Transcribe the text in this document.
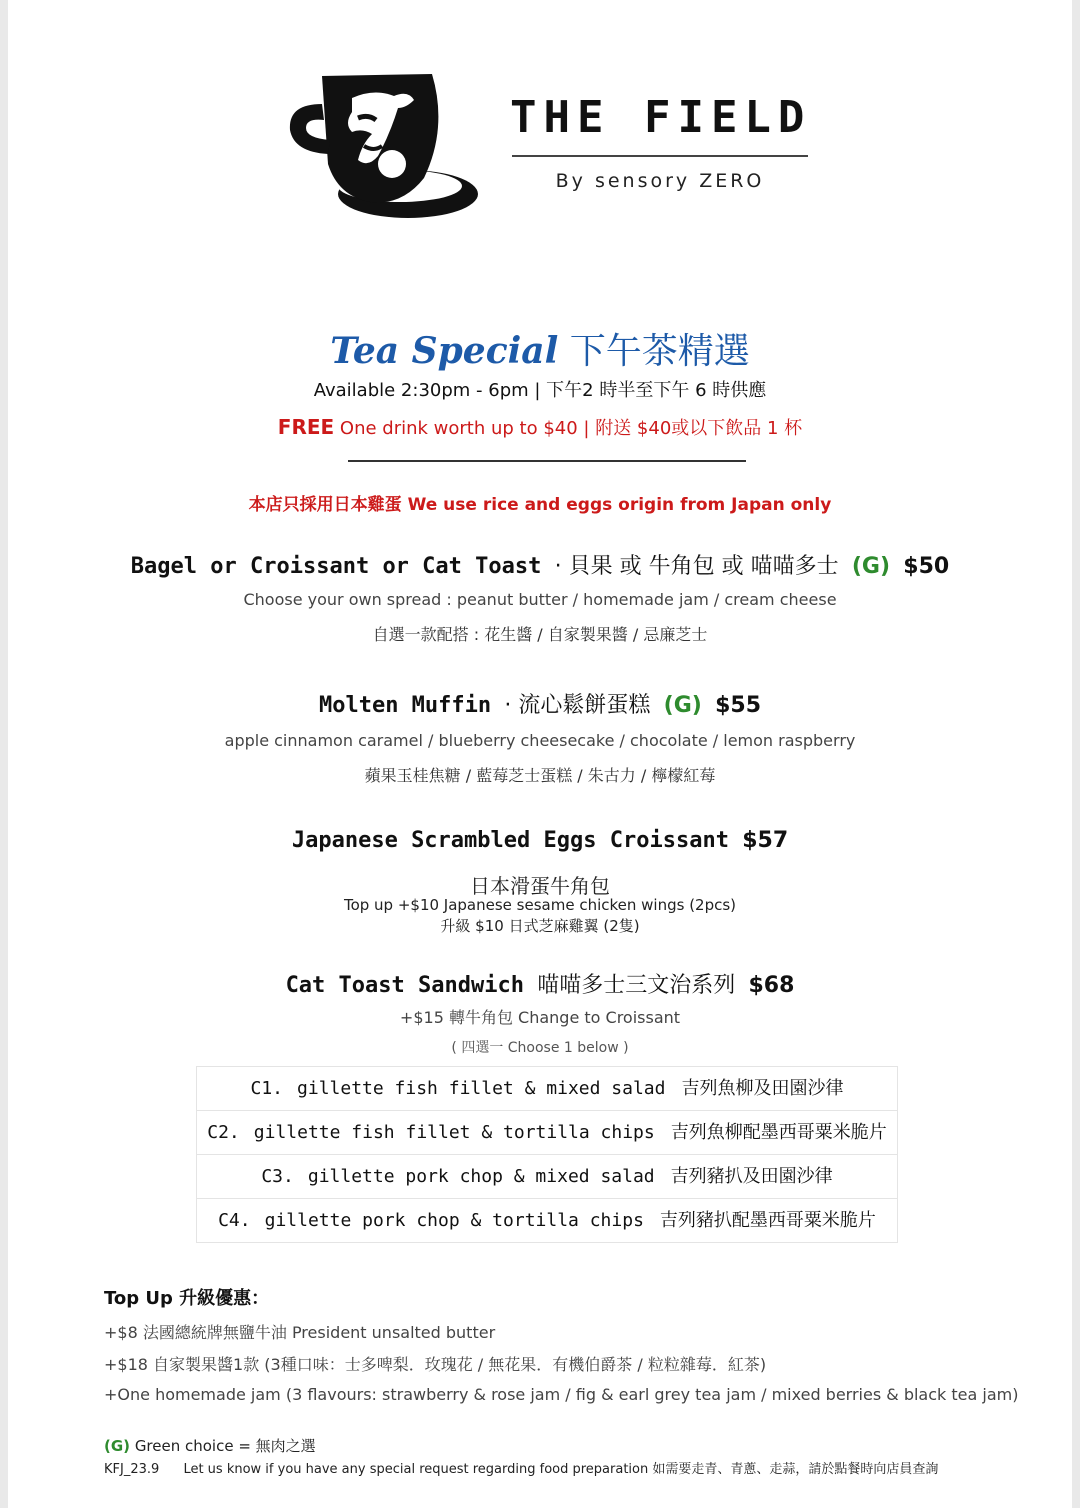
THE FIELD
By sensory ZERO
Tea Special 下午茶精選
Available 2:30pm - 6pm | 下午2 時半至下午 6 時供應
FREE One drink worth up to $40 | 附送 $40或以下飲品 1 杯
本店只採用日本雞蛋 We use rice and eggs origin from Japan only
Bagel or Croissant or Cat Toast · 貝果 或 牛角包 或 喵喵多士 (G) $50
Choose your own spread : peanut butter / homemade jam / cream cheese
自選一款配搭 : 花生醬 / 自家製果醬 / 忌廉芝士
Molten Muffin · 流心鬆餅蛋糕 (G) $55
apple cinnamon caramel / blueberry cheesecake / chocolate / lemon raspberry
蘋果玉桂焦糖 / 藍莓芝士蛋糕 / 朱古力 / 檸檬紅莓
Japanese Scrambled Eggs Croissant $57
日本滑蛋牛角包
Top up +$10 Japanese sesame chicken wings (2pcs)
升級 $10 日式芝麻雞翼 (2隻)
Cat Toast Sandwich 喵喵多士三文治系列 $68
+$15 轉牛角包 Change to Croissant
( 四選一 Choose 1 below )
C1. gillette fish fillet & mixed salad 吉列魚柳及田園沙律
C2. gillette fish fillet & tortilla chips 吉列魚柳配墨西哥粟米脆片
C3. gillette pork chop & mixed salad 吉列豬扒及田園沙律
C4. gillette pork chop & tortilla chips 吉列豬扒配墨西哥粟米脆片
Top Up 升級優惠：
+$8 法國總統牌無鹽牛油 President unsalted butter
+$18 自家製果醬1款 (3種口味：士多啤梨．玫瑰花 / 無花果．有機伯爵茶 / 粒粒雜莓．紅茶)
+One homemade jam (3 flavours: strawberry & rose jam / fig & earl grey tea jam / mixed berries & black tea jam)
(G) Green choice = 無肉之選
KFJ_23.9 Let us know if you have any special request regarding food preparation 如需要走青、青蔥、走蒜，請於點餐時向店員查詢
